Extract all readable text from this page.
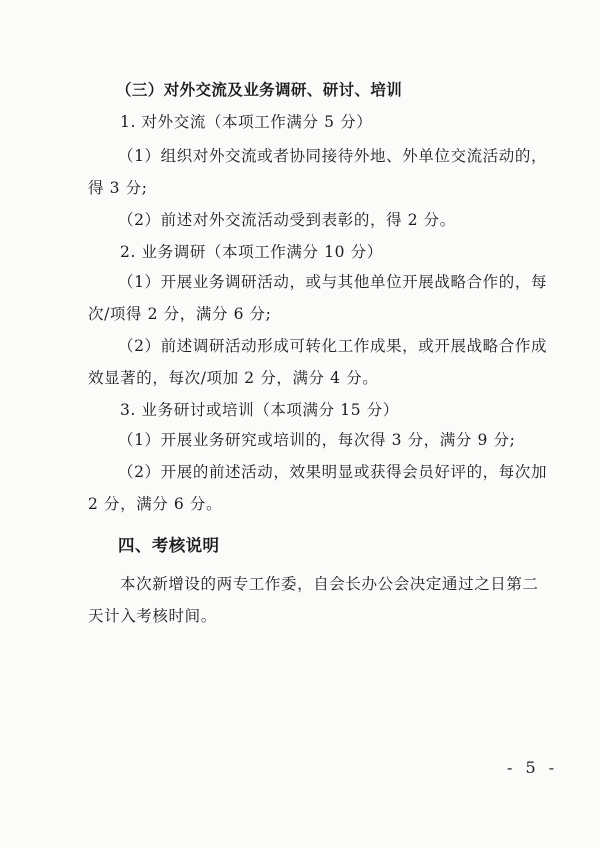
（三）对外交流及业务调研、研讨、培训
1. 对外交流（本项工作满分 5 分）
（1）组织对外交流或者协同接待外地、外单位交流活动的，
得 3 分;
（2）前述对外交流活动受到表彰的，得 2 分。
2. 业务调研（本项工作满分 10 分）
（1）开展业务调研活动，或与其他单位开展战略合作的，每
次/项得 2 分，满分 6 分;
（2）前述调研活动形成可转化工作成果，或开展战略合作成
效显著的，每次/项加 2 分，满分 4 分。
3. 业务研讨或培训（本项满分 15 分）
（1）开展业务研究或培训的，每次得 3 分，满分 9 分;
（2）开展的前述活动，效果明显或获得会员好评的，每次加
2 分，满分 6 分。
四、考核说明
本次新增设的两专工作委，自会长办公会决定通过之日第二
天计入考核时间。
- 5 -
